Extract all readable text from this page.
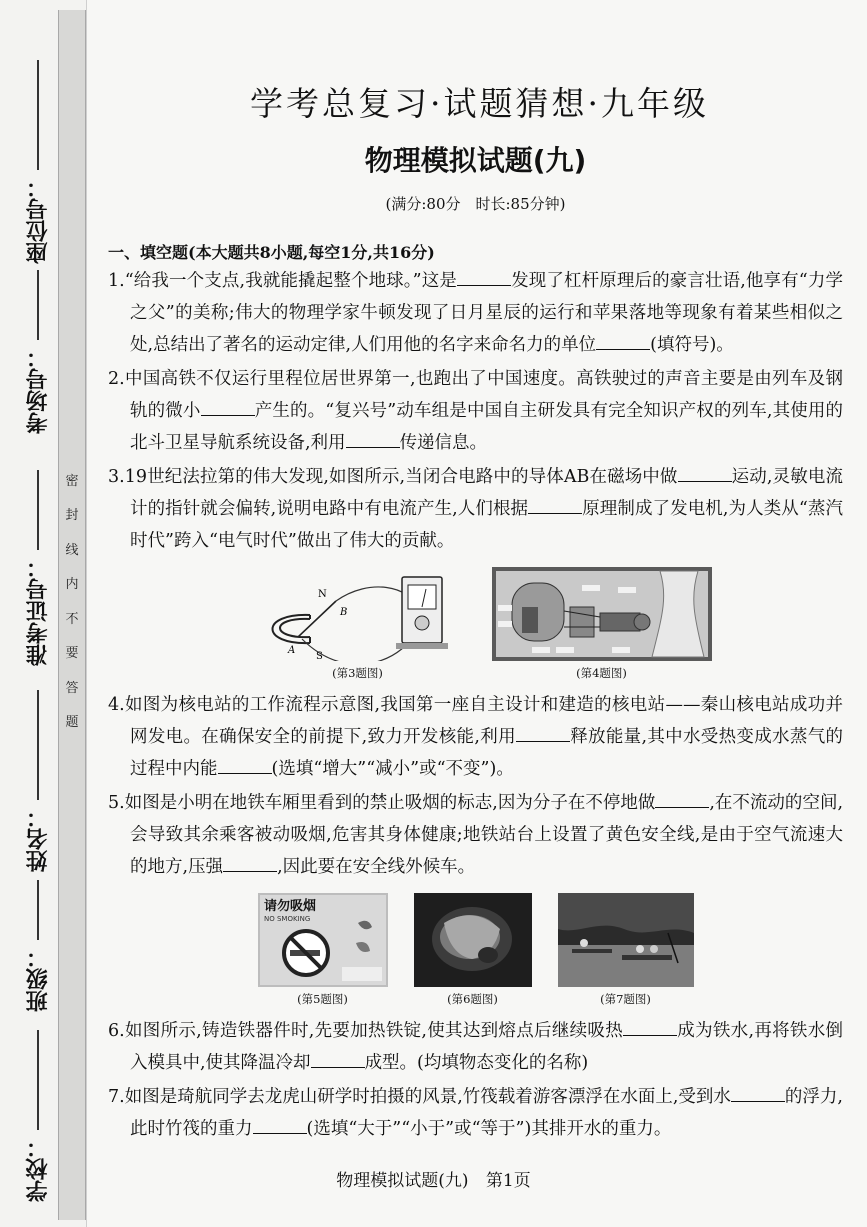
密
封
线
内
不
要
答
题
座位号：
考场号：
准考证号：
姓名：
班级：
学校：
学考总复习·试题猜想·九年级
物理模拟试题(九)
(满分:80分　时长:85分钟)
一、填空题(本大题共8小题,每空1分,共16分)
1.“给我一个支点,我就能撬起整个地球。”这是	发现了杠杆原理后的豪言壮语,他享有“力学之父”的美称;伟大的物理学家牛顿发现了日月星辰的运行和苹果落地等现象有着某些相似之处,总结出了著名的运动定律,人们用他的名字来命名力的单位	(填符号)。
2.中国高铁不仅运行里程位居世界第一,也跑出了中国速度。高铁驶过的声音主要是由列车及钢轨的微小	产生的。“复兴号”动车组是中国自主研发具有完全知识产权的列车,其使用的北斗卫星导航系统设备,利用	传递信息。
3.19世纪法拉第的伟大发现,如图所示,当闭合电路中的导体AB在磁场中做	运动,灵敏电流计的指针就会偏转,说明电路中有电流产生,人们根据	原理制成了发电机,为人类从“蒸汽时代”跨入“电气时代”做出了伟大的贡献。
N
B
A
S
(第3题图)	(第4题图)
4.如图为核电站的工作流程示意图,我国第一座自主设计和建造的核电站——秦山核电站成功并网发电。在确保安全的前提下,致力开发核能,利用	释放能量,其中水受热变成水蒸气的过程中内能	(选填“增大”“减小”或“不变”)。
5.如图是小明在地铁车厢里看到的禁止吸烟的标志,因为分子在不停地做	,在不流动的空间,会导致其余乘客被动吸烟,危害其身体健康;地铁站台上设置了黄色安全线,是由于空气流速大的地方,压强	,因此要在安全线外候车。
请勿吸烟
NO SMOKING
(第5题图)	(第6题图)	(第7题图)
6.如图所示,铸造铁器件时,先要加热铁锭,使其达到熔点后继续吸热	成为铁水,再将铁水倒入模具中,使其降温冷却	成型。(均填物态变化的名称)
7.如图是琦航同学去龙虎山研学时拍摄的风景,竹筏载着游客漂浮在水面上,受到水	的浮力,此时竹筏的重力	(选填“大于”“小于”或“等于”)其排开水的重力。
物理模拟试题(九) 第1页
